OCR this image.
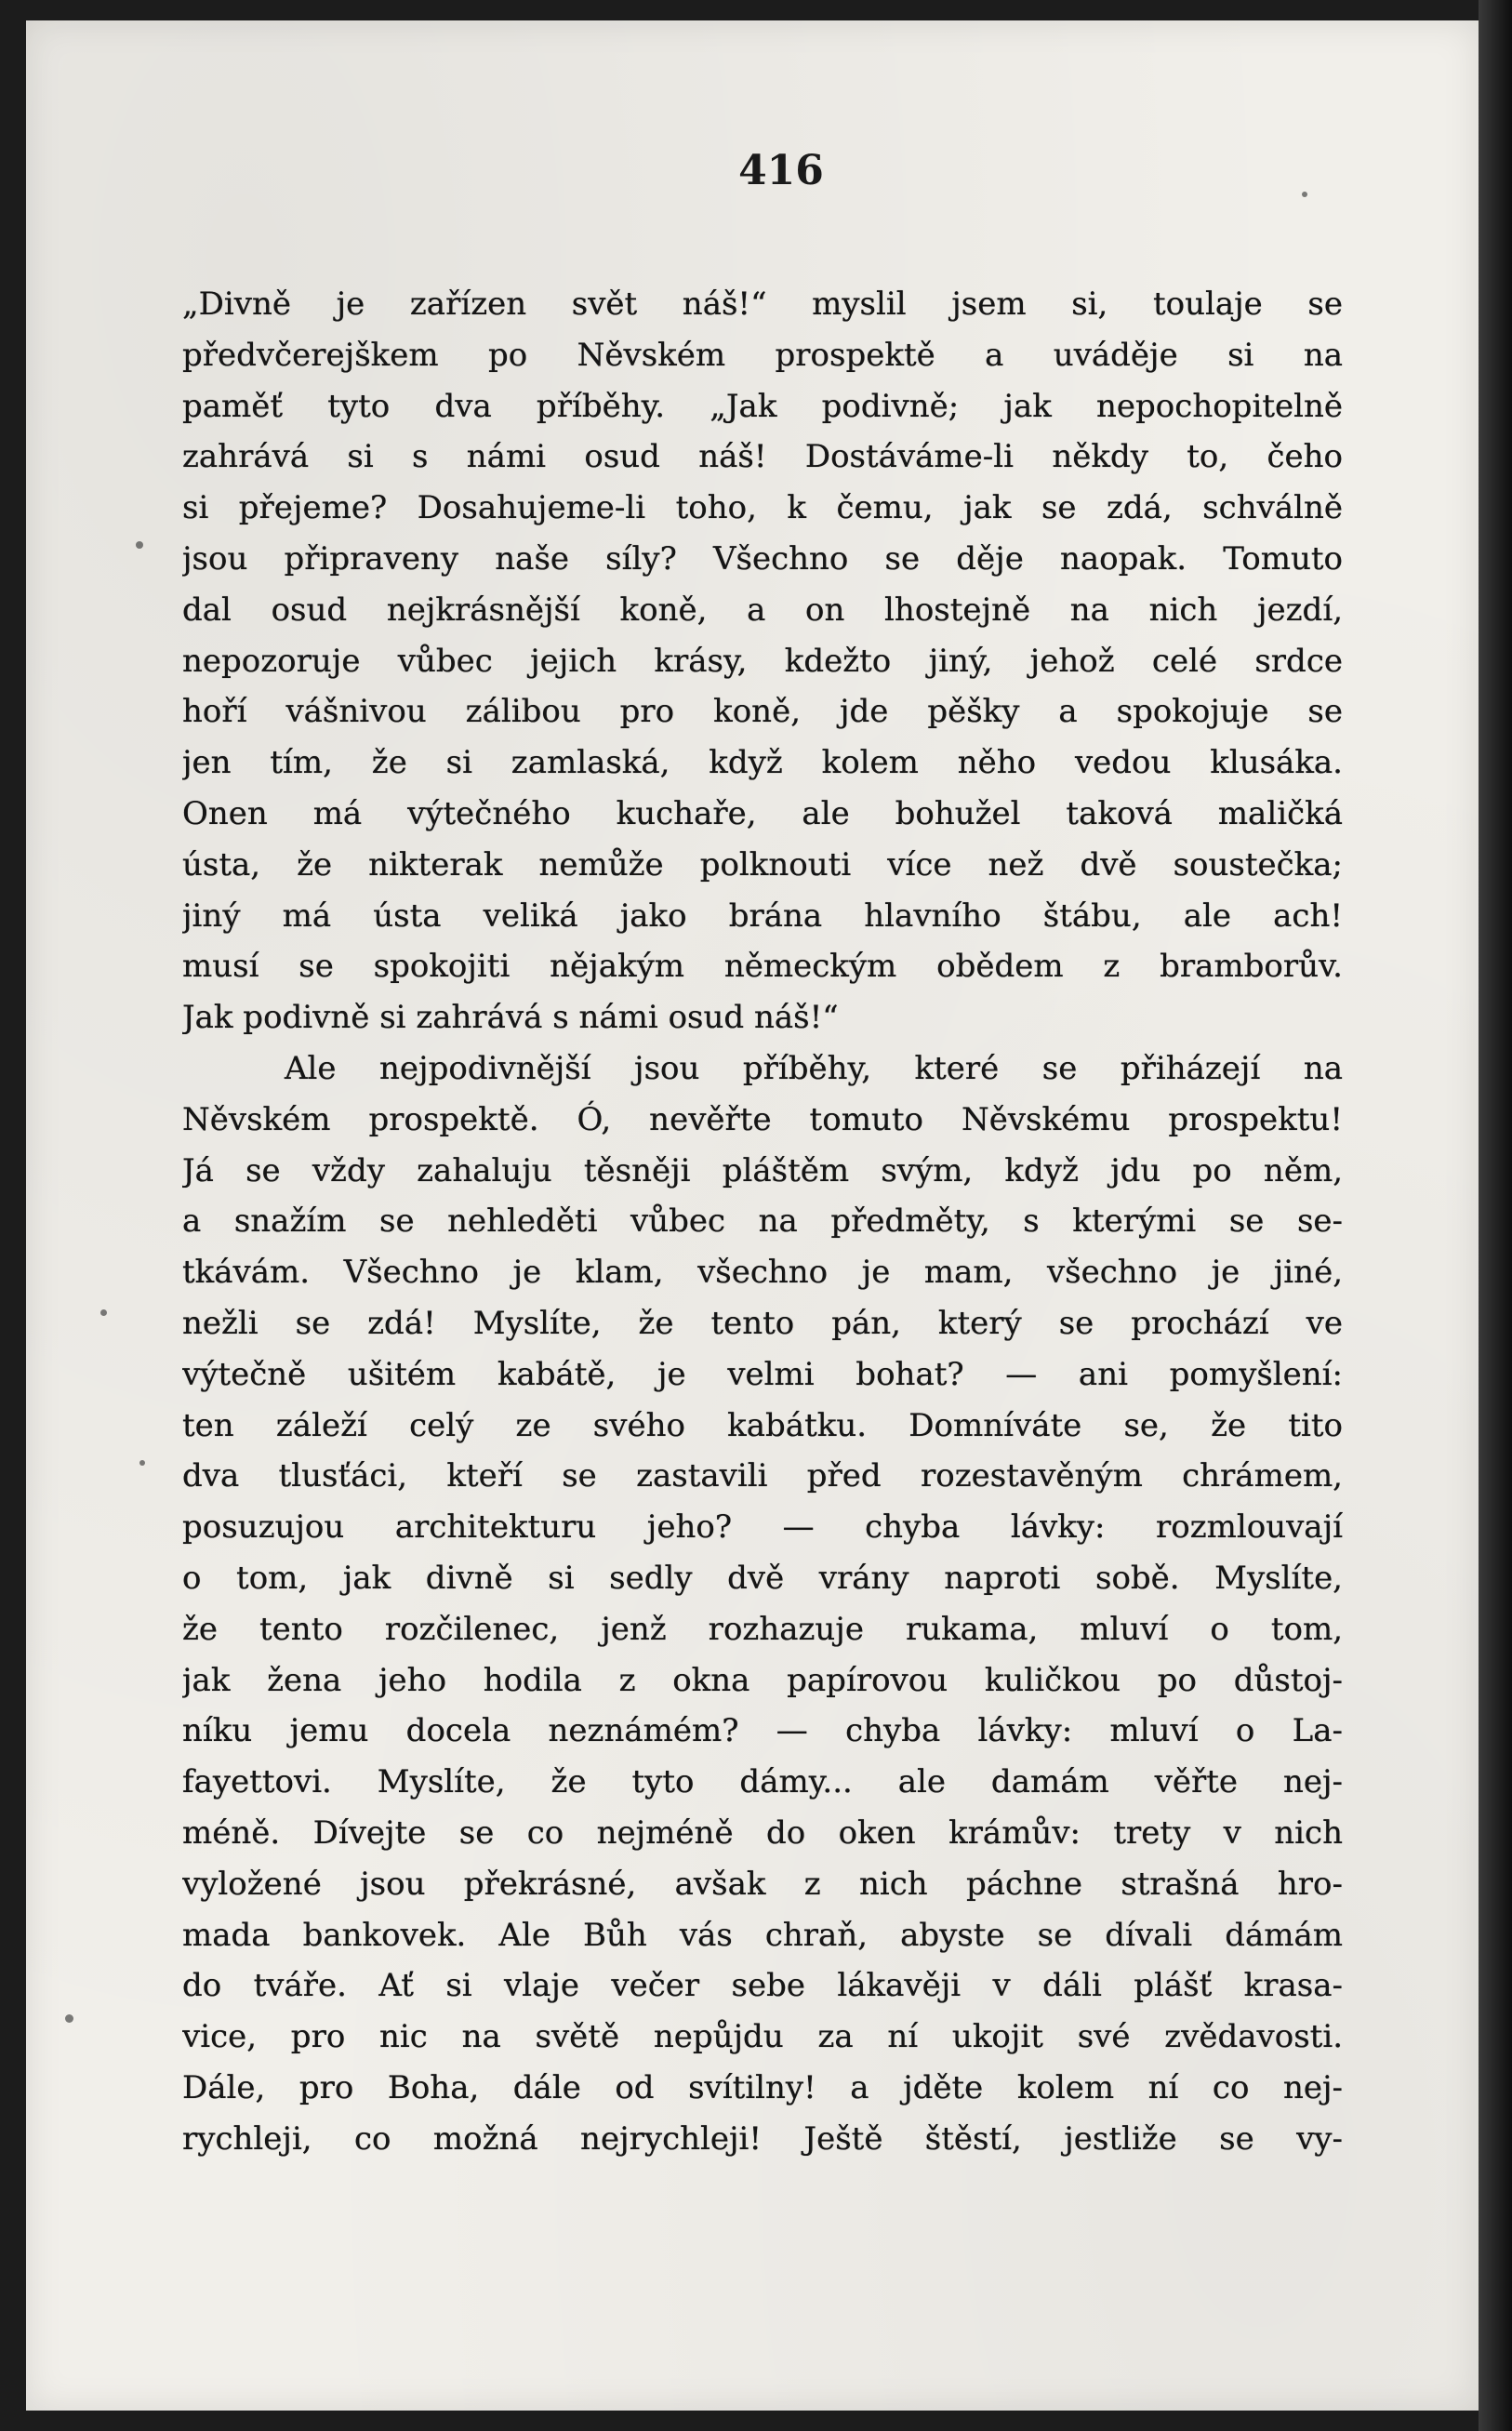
416
„Divně je zařízen svět náš!“ myslil jsem si, toulaje se
předvčerejškem po Něvském prospektě a uváděje si na
paměť tyto dva příběhy. „Jak podivně; jak nepochopitelně
zahrává si s námi osud náš! Dostáváme-li někdy to, čeho
si přejeme? Dosahujeme-li toho, k čemu, jak se zdá, schválně
jsou připraveny naše síly? Všechno se děje naopak. Tomuto
dal osud nejkrásnější koně, a on lhostejně na nich jezdí,
nepozoruje vůbec jejich krásy, kdežto jiný, jehož celé srdce
hoří vášnivou zálibou pro koně, jde pěšky a spokojuje se
jen tím, že si zamlaská, když kolem něho vedou klusáka.
Onen má výtečného kuchaře, ale bohužel taková maličká
ústa, že nikterak nemůže polknouti více než dvě soustečka;
jiný má ústa veliká jako brána hlavního štábu, ale ach!
musí se spokojiti nějakým německým obědem z bramborův.
Jak podivně si zahrává s námi osud náš!“
Ale nejpodivnější jsou příběhy, které se přiházejí na
Něvském prospektě. Ó, nevěřte tomuto Něvskému prospektu!
Já se vždy zahaluju těsněji pláštěm svým, když jdu po něm,
a snažím se nehleděti vůbec na předměty, s kterými se se-
tkávám. Všechno je klam, všechno je mam, všechno je jiné,
nežli se zdá! Myslíte, že tento pán, který se prochází ve
výtečně ušitém kabátě, je velmi bohat? — ani pomyšlení:
ten záleží celý ze svého kabátku. Domníváte se, že tito
dva tlusťáci, kteří se zastavili před rozestavěným chrámem,
posuzujou architekturu jeho? — chyba lávky: rozmlouvají
o tom, jak divně si sedly dvě vrány naproti sobě. Myslíte,
že tento rozčilenec, jenž rozhazuje rukama, mluví o tom,
jak žena jeho hodila z okna papírovou kuličkou po důstoj-
níku jemu docela neznámém? — chyba lávky: mluví o La-
fayettovi. Myslíte, že tyto dámy... ale damám věřte nej-
méně. Dívejte se co nejméně do oken krámův: trety v nich
vyložené jsou překrásné, avšak z nich páchne strašná hro-
mada bankovek. Ale Bůh vás chraň, abyste se dívali dámám
do tváře. Ať si vlaje večer sebe lákavěji v dáli plášť krasa-
vice, pro nic na světě nepůjdu za ní ukojit své zvědavosti.
Dále, pro Boha, dále od svítilny! a jděte kolem ní co nej-
rychleji, co možná nejrychleji! Ještě štěstí, jestliže se vy-
